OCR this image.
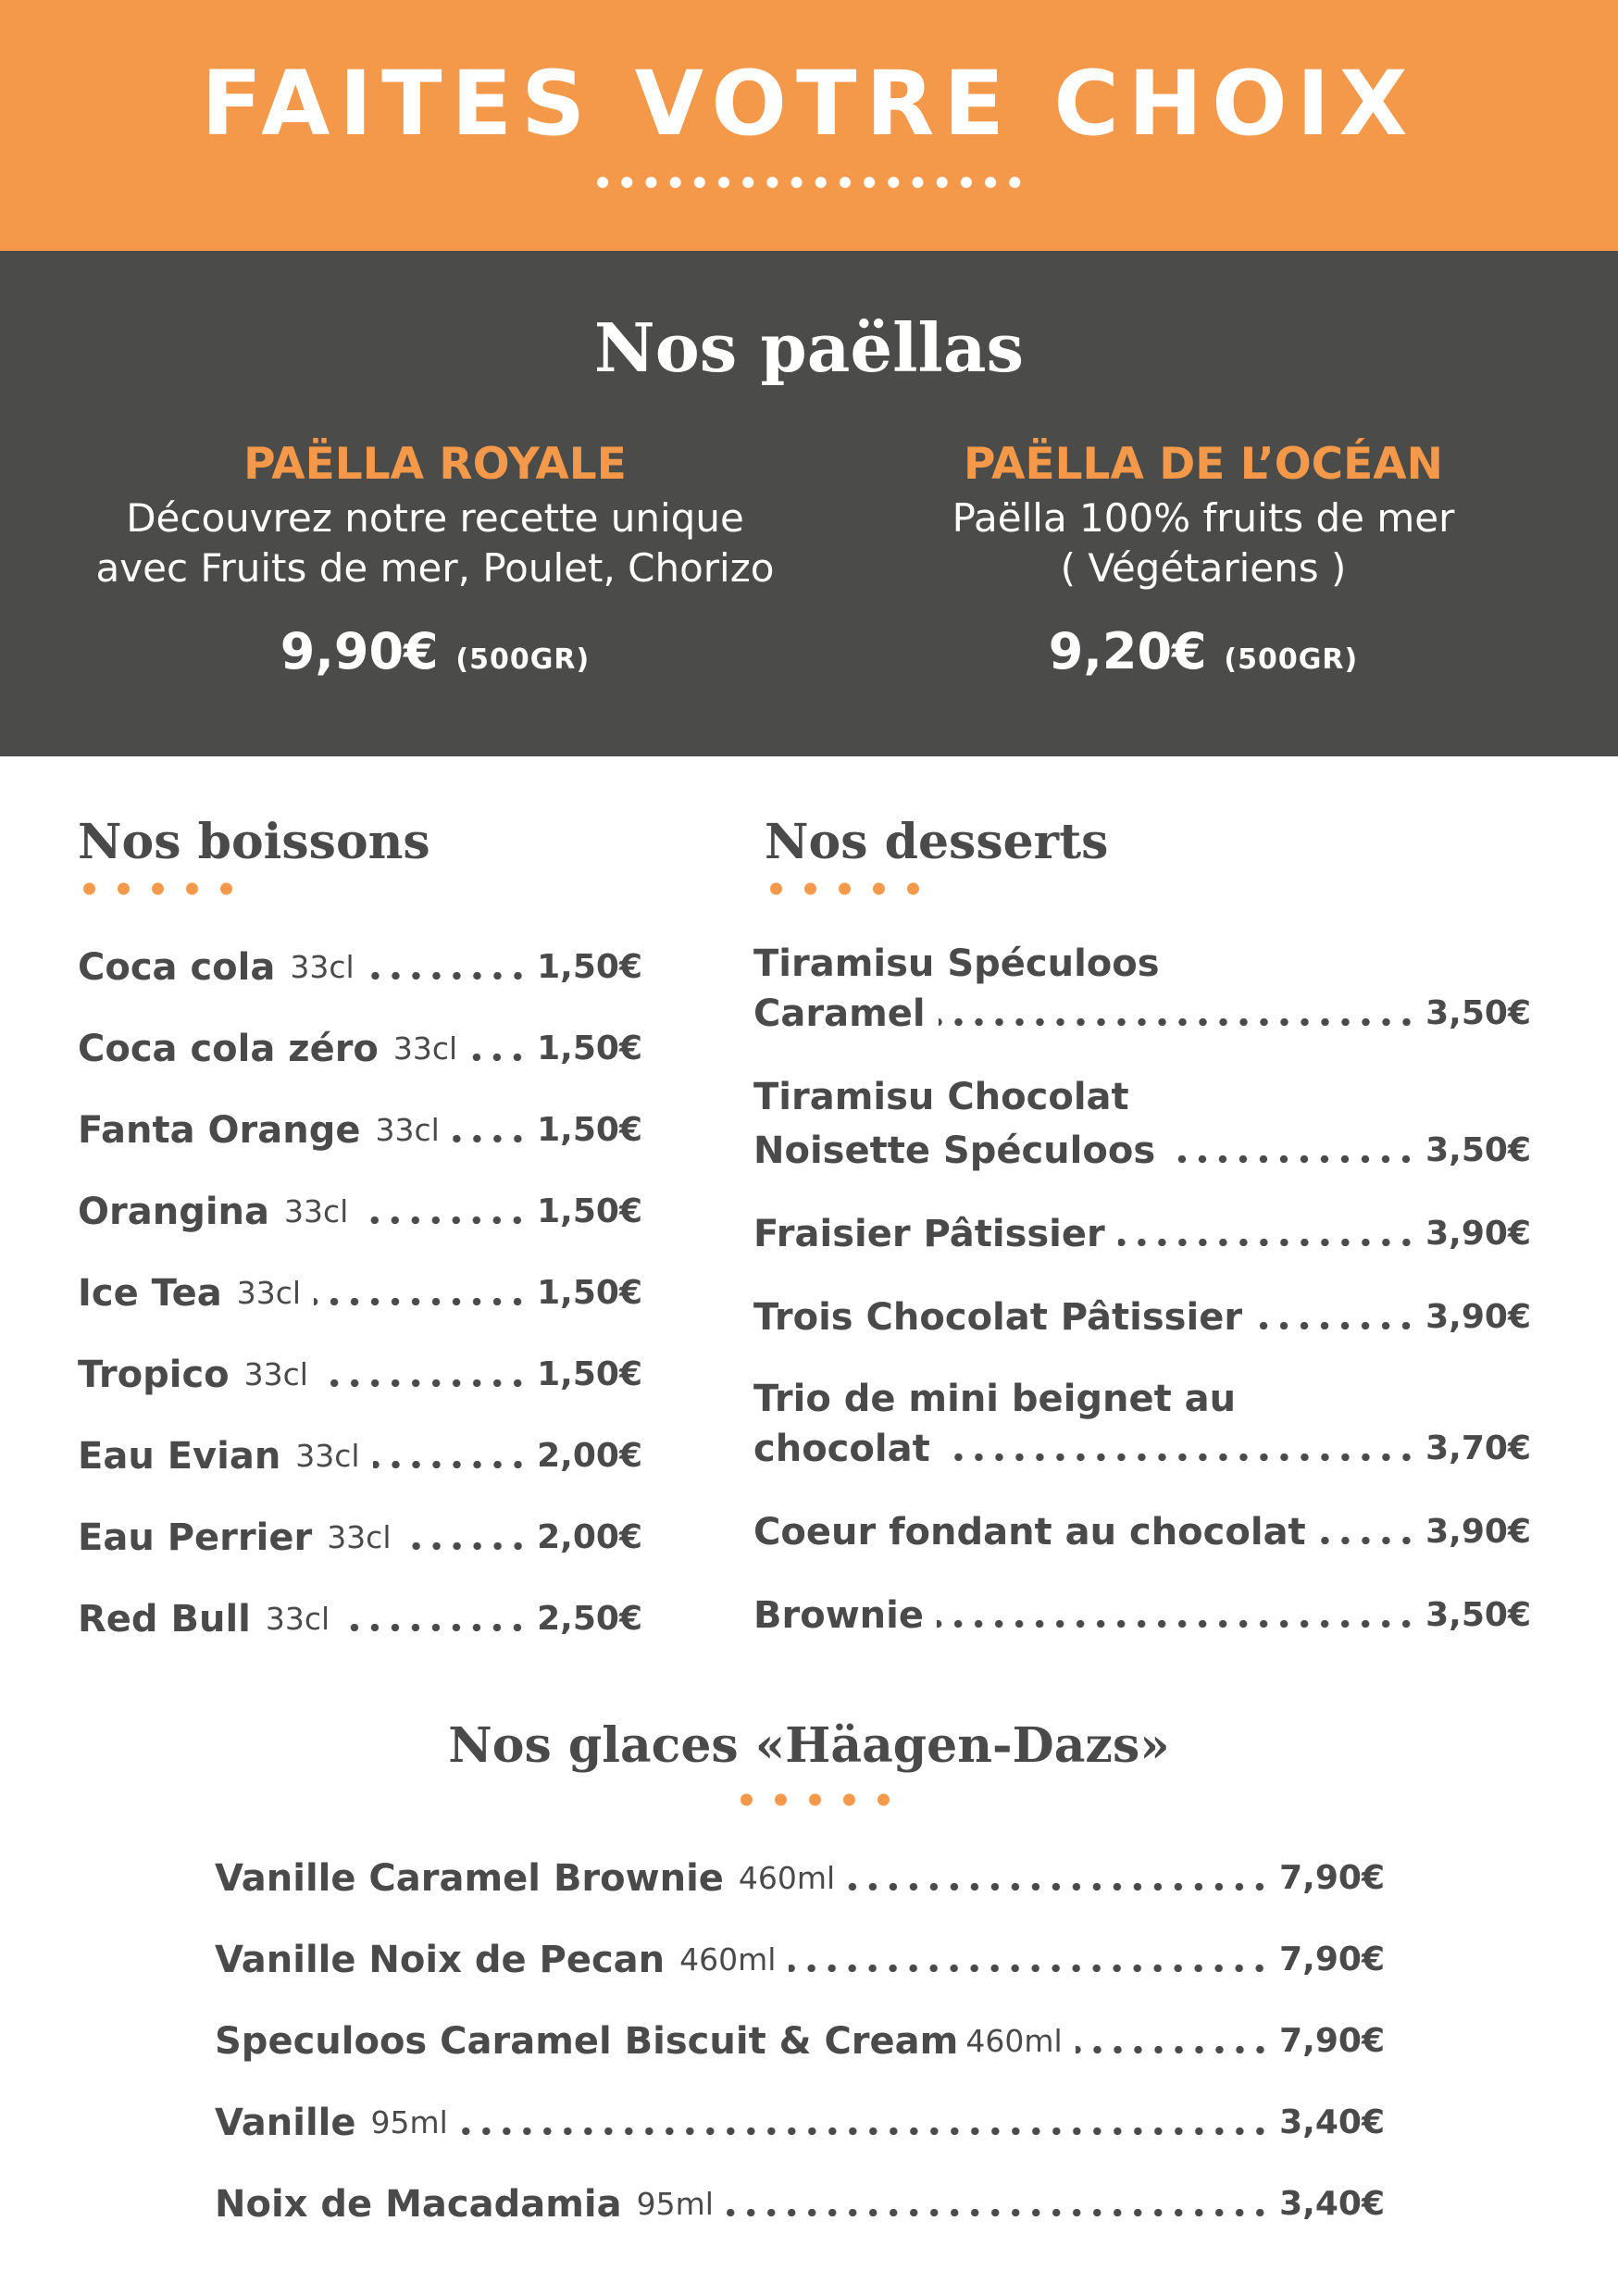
FAITES VOTRE CHOIX
Nos paëllas
PAËLLA ROYALE
Découvrez notre recette unique
avec Fruits de mer, Poulet, Chorizo
9,90€ (500GR)
PAËLLA DE L’OCÉAN
Paëlla 100% fruits de mer
( Végétariens )
9,20€ (500GR)
Nos boissons
Coca cola 33cl	1,50€
Coca cola zéro 33cl 1,50€
Fanta Orange 33cl	1,50€
Orangina 33cl	1,50€
Ice Tea 33cl	1,50€
Tropico 33cl	1,50€
Eau Evian 33cl	2,00€
Eau Perrier 33cl	2,00€
Red Bull 33cl	2,50€
Nos desserts
Tiramisu Spéculoos
Caramel	3,50€
Tiramisu Chocolat
Noisette Spéculoos	3,50€
Fraisier Pâtissier	3,90€
Trois Chocolat Pâtissier	3,90€
Trio de mini beignet au
chocolat	3,70€
Coeur fondant au chocolat	3,90€
Brownie	3,50€
Nos glaces «Häagen-Dazs»
Vanille Caramel Brownie 460ml	7,90€
Vanille Noix de Pecan 460ml	7,90€
Speculoos Caramel Biscuit & Cream 460ml	7,90€
Vanille 95ml	3,40€
Noix de Macadamia 95ml	3,40€
